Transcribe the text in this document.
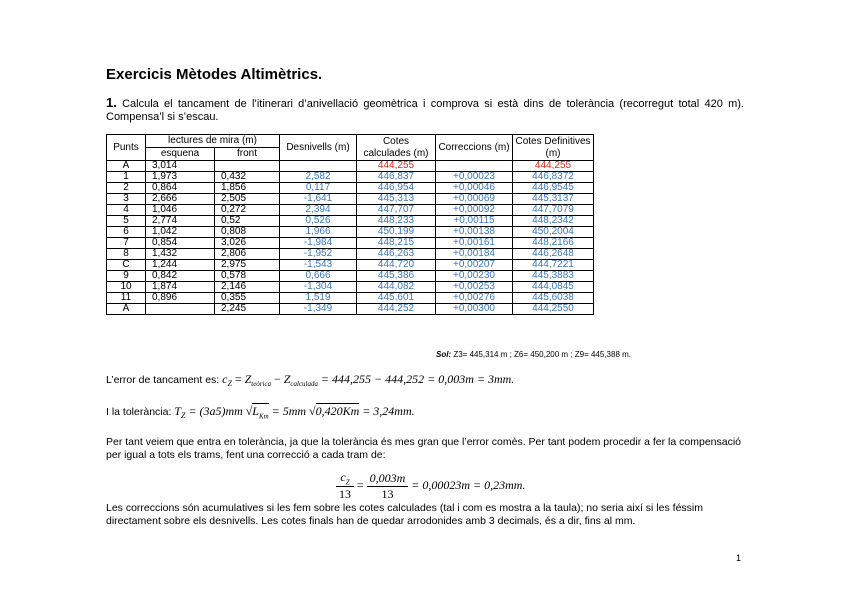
Exercicis Mètodes Altimètrics.
1. Calcula el tancament de l’itinerari d’anivellació geomètrica i comprova si està dins de tolerància (recorregut total 420 m). Compensa’l si s’escau.
Punts	lectures de mira (m)		Desnivells (m)	Cotes calculades (m)	Correccions (m)	Cotes Definitives (m)
	esquena	front				
A	3,014			444,255		444,255
1	1,973	0,432	2,582	446,837	+0,00023	446,8372
2	0,864	1,856	0,117	446,954	+0,00046	446,9545
3	2,666	2,505	-1,641	445,313	+0,00069	445,3137
4	1,046	0,272	2,394	447,707	+0,00092	447,7079
5	2,774	0,52	0,526	448,233	+0,00115	448,2342
6	1,042	0,808	1,966	450,199	+0,00138	450,2004
7	0,854	3,026	-1,984	448,215	+0,00161	448,2166
8	1,432	2,806	-1,952	446,263	+0,00184	446,2648
C	1,244	2,975	-1,543	444,720	+0,00207	444,7221
9	0,842	0,578	0,666	445,386	+0,00230	445,3883
10	1,874	2,146	-1,304	444,082	+0,00253	444,0845
11	0,896	0,355	1,519	445,601	+0,00276	445,6038
A		2,245	-1,349	444,252	+0,00300	444,2550
Sol: Z3= 445,314 m ; Z6= 450,200 m ; Z9= 445,388 m.
L’error de tancament es: $c_Z = Z_{teòrica} - Z_{calculada} = 444,255 - 444,252 = 0,003m = 3mm$.
I la tolerància: $T_Z = (3a5)mm$ $√L_{Km} = 5mm$ √0,420Km = 3,24mm.
Per tant veiem que entra en tolerància, ja que la tolerància és mes gran que l’error comès. Per tant podem procedir a fer la compensació per igual a tots els trams, fent una correcció a cada tram de:
$\frac{c_Z}{13} = \frac{0,003m}{13} = 0,00023m = 0,23mm$.
Les correccions són acumulatives si les fem sobre les cotes calculades (tal i com es mostra a la taula); no seria així si les féssim directament sobre els desnivells. Les cotes finals han de quedar arrodonides amb 3 decimals, és a dir, fins al mm.
1
